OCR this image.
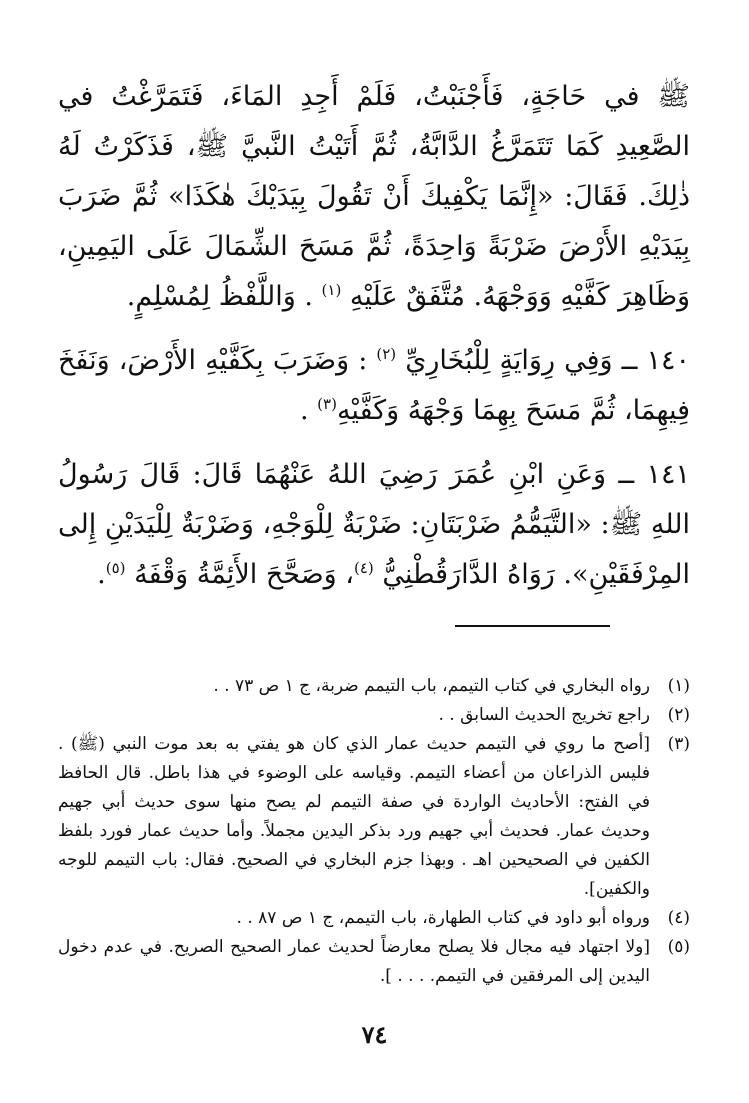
ﷺ في حَاجَةٍ، فَأَجْنَبْتُ، فَلَمْ أَجِدِ المَاءَ، فَتَمَرَّغْتُ في الصَّعِيدِ كَمَا تَتَمَرَّغُ الدَّابَّةُ، ثُمَّ أَتَيْتُ النَّبيَّ ﷺ، فَذَكَرْتُ لَهُ ذٰلِكَ. فَقَالَ: «إِنَّمَا يَكْفِيكَ أَنْ تَقُولَ بِيَدَيْكَ هٰكَذَا» ثُمَّ ضَرَبَ بِيَدَيْهِ الأَرْضَ ضَرْبَةً وَاحِدَةً، ثُمَّ مَسَحَ الشِّمَالَ عَلَى اليَمِينِ، وَظَاهِرَ كَفَّيْهِ وَوَجْهَهُ. مُتَّفَقٌ عَلَيْهِ $^{(١)}$ . وَاللَّفْظُ لِمُسْلِمٍ.

١٤٠ ــ وَفِي رِوَايَةٍ لِلْبُخَارِيِّ $^{(٢)}$ : وَضَرَبَ بِكَفَّيْهِ الأَرْضَ، وَنَفَخَ فِيهِمَا، ثُمَّ مَسَحَ بِهِمَا وَجْهَهُ وَكَفَّيْهِ$^{(٣)}$ .

١٤١ ــ وَعَنِ ابْنِ عُمَرَ رَضِيَ اللهُ عَنْهُمَا قَالَ: قَالَ رَسُولُ اللهِ ﷺ: «التَّيَمُّمُ ضَرْبَتَانِ: ضَرْبَةٌ لِلْوَجْهِ، وَضَرْبَةٌ لِلْيَدَيْنِ إِلى المِرْفَقَيْنِ». رَوَاهُ الدَّارَقُطْنِيُّ $^{(٤)}$، وَصَحَّحَ الأَئِمَّةُ وَقْفَهُ $^{(٥)}$.

(١)
رواه البخاري في كتاب التيمم، باب التيمم ضربة، ج ١ ص ٧٣ . .

(٢)
راجع تخريج الحديث السابق . .

(٣)
[أصح ما روي في التيمم حديث عمار الذي كان هو يفتي به بعد موت النبي (ﷺ) . فليس الذراعان من أعضاء التيمم. وقياسه على الوضوء في هذا باطل. قال الحافظ في الفتح: الأحاديث الواردة في صفة التيمم لم يصح منها سوى حديث أبي جهيم وحديث عمار. فحديث أبي جهيم ورد بذكر اليدين مجملاً. وأما حديث عمار فورد بلفظ الكفين في الصحيحين اهـ . وبهذا جزم البخاري في الصحيح. فقال: باب التيمم للوجه والكفين].

(٤)
ورواه أبو داود في كتاب الطهارة، باب التيمم، ج ١ ص ٨٧ . .

(٥)
[ولا اجتهاد فيه مجال فلا يصلح معارضاً لحديث عمار الصحيح الصريح. في عدم دخول اليدين إلى المرفقين في التيمم. . . . ].

٧٤
